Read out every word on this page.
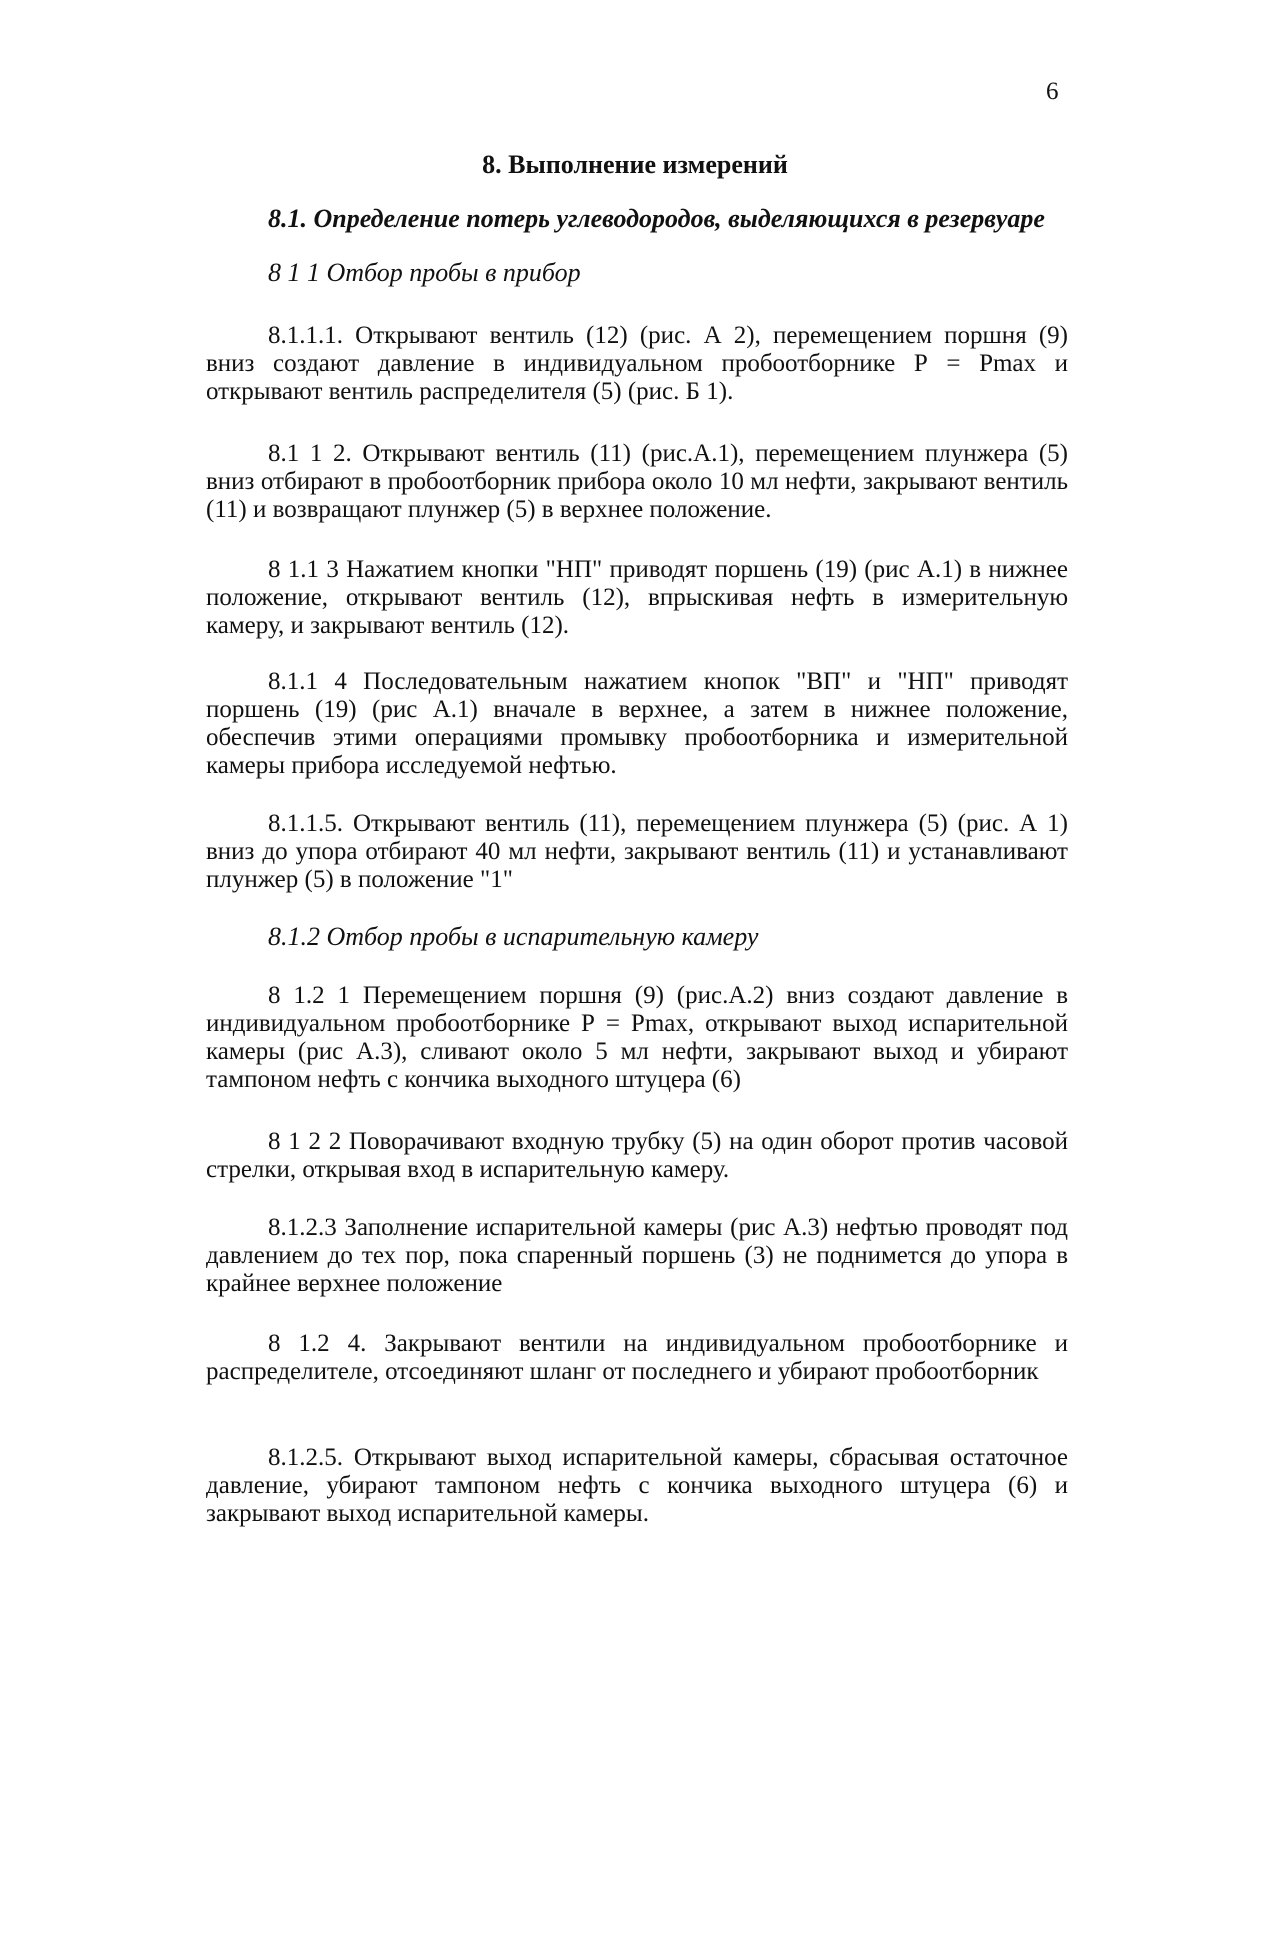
6
8. Выполнение измерений
8.1. Определение потерь углеводородов, выделяющихся в резервуаре
8 1 1 Отбор пробы в прибор

8.1.1.1. Открывают вентиль (12) (рис. А 2), перемещением поршня (9) вниз создают давление в индивидуальном пробоотборнике Р = Pmax и открывают вентиль распределителя (5) (рис. Б 1).

8.1 1 2. Открывают вентиль (11) (рис.А.1), перемещением плунжера (5) вниз отбирают в пробоотборник прибора около 10 мл нефти, закрывают вентиль (11) и возвращают плунжер (5) в верхнее положение.

8 1.1 3 Нажатием кнопки "НП" приводят поршень (19) (рис А.1) в нижнее положение, открывают вентиль (12), впрыскивая нефть в измерительную камеру, и закрывают вентиль (12).

8.1.1 4 Последовательным нажатием кнопок "ВП" и "НП" приводят поршень (19) (рис А.1) вначале в верхнее, а затем в нижнее положение, обеспечив этими операциями промывку пробоотборника и измерительной камеры прибора исследуемой нефтью.

8.1.1.5. Открывают вентиль (11), перемещением плунжера (5) (рис. А 1) вниз до упора отбирают 40 мл нефти, закрывают вентиль (11) и устанавливают плунжер (5) в положение "1"

8.1.2 Отбор пробы в испарительную камеру

8 1.2 1 Перемещением поршня (9) (рис.А.2) вниз создают давление в индивидуальном пробоотборнике Р = Pmax, открывают выход испарительной камеры (рис А.3), сливают около 5 мл нефти, закрывают выход и убирают тампоном нефть с кончика выходного штуцера (6)

8 1 2 2 Поворачивают входную трубку (5) на один оборот против часовой стрелки, открывая вход в испарительную камеру.

8.1.2.3 Заполнение испарительной камеры (рис А.3) нефтью проводят под давлением до тех пор, пока спаренный поршень (3) не поднимется до упора в крайнее верхнее положение

8 1.2 4. Закрывают вентили на индивидуальном пробоотборнике и распределителе, отсоединяют шланг от последнего и убирают пробоотборник

8.1.2.5. Открывают выход испарительной камеры, сбрасывая остаточное давление, убирают тампоном нефть с кончика выходного штуцера (6) и закрывают выход испарительной камеры.
